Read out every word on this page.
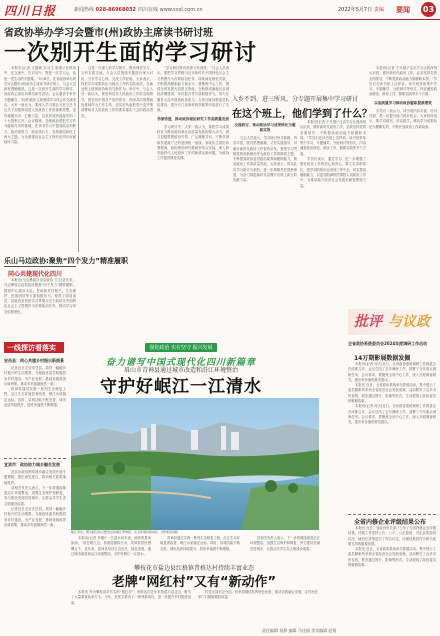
四川日报	新闻热线 028-86968032 四川在线 www.scol.com.cn	2022年5月7日 责编 要闻 03
省政协举办学习会暨市(州)政协主席读书研讨班
一次别开生面的学习研讨

本报讯(记者 文露敏 实习生 陈燕)“在朗读中、在交流中、在对话中，既是一次学习会，也是一堂生动的专题课。”5月6日，在省政协举办的学习会暨市(州)政协主席读书研讨班上，与会人员深有感触地说。这是一次别开生面的学习研讨。省政协主席田向利出席并讲话。会议邀请专家作专题辅导，市(州)政协主席围绕学习体会作交流发言。大家一致认为，要深入学习领会习近平总书记关于加强和改进人民政协工作的重要思想，更好凝聚共识、汇聚力量，以优异成绩迎接党的二十大胜利召开。会议强调，各级政协要把学习作为履职尽责的基础，在读书学习中提高政治判断力、政治领悟力、政治执行力，坚持团结和民主两大主题，为全面建设社会主义现代化四川贡献政协力量。

这是一次深入的学习研讨，既有理论学习，又有实践交流。与会人员围绕专题进行深入讨论，分享学习心得，交流工作经验。大家表示，将把学习成果转化为推动工作的实际成效，在新征程上展现政协新担当新作为。研讨中，与会人员一致认为，要坚持党对人民政协工作的全面领导，把坚持中国共产党的领导、巩固共同思想政治基础作为工作主线，切实担负起把党中央决策部署和对人民政协工作的要求落实下去的政治责任。

“学习研讨既有高度又有深度。”与会人员表示，要把学习贯彻习近平新时代中国特色社会主义思想作为首要政治任务，持续深化理论武装，不断提高履职能力和水平。要聚焦中心工作，围绕全省发展大局建言资政，在助推成渝地区双城经济圈建设、乡村振兴等方面积极作为，努力在服务大局中展现政协担当。大家还就加强委员队伍建设、提升专门协商机构效能等内容进行了交流。

学深悟透，推动政协理论研究工作高质量发展

学习研讨中，大家一致认为，要把学习成果转化为推动政协事业高质量发展的强大动力，着力加强思想政治引领，广泛凝聚共识，不断巩固和发展最广泛的爱国统一战线。省政协主席田向利强调，政协理论研究要紧密结合实际，深入研究新时代人民政协工作的新情况新问题，为政协工作提供理论支撑。

交流研讨，推动政协学习成果转化为履职实效

与会人员表示，学习研讨形式新颖、内容丰富，既有思想碰撞，又有实践指导，对做好新时代政协工作很有启发。要把学习贯彻党的创新理论作为政协工作的鲜明主题，不断提高政协委员政治素养和履职能力，推动政协工作高质量发展。大家表示，将以此次学习研讨为契机，进一步增强责任感使命感，为奋力推进新时代治蜀兴川再上新台阶贡献力量。

入乡不到、进三所风，分专题开展集中学习研讨
在这个班上，他们学到了什么？

本报讯(记者 王代强)“这次学习让我深刻认识到，做好新时代政协工作，必须坚持党的全面领导，不断提高政治能力和履职本领。”学员们在读书班上这样说。读书班采取集中学习、专题辅导、分组研讨等形式，内容涵盖政治理论、政协工作、履职实践等多个方面。

学员们表示，通过学习，进一步增强了做好政协工作的信心和决心。要立足本职岗位，把学到的知识运用到工作中去，切实提高履职能力，以更加饱满的热情投入到政协工作中，为推动地方经济社会发展贡献智慧和力量。

本报讯(记者 王代强)“这次学习让我深刻认识到，做好新时代政协工作，必须坚持党的全面领导，不断提高政治能力和履职本领。”学员们在读书班上这样说。读书班采取集中学习、专题辅导、分组研讨等形式，内容涵盖政治理论、政协工作、履职实践等多个方面。

以高质量学习推动政协履职提质增效

学员们一致认为，读书班内容丰富、针对性强，是一次提升能力的好机会。大家纷纷表示，要学以致用、用以促学，推动学习成果转化为履职实效，不断开创政协工作新局面。

乐山马边政协:聚焦“四个发力”精准履职
同心共建现代化四川

本报讯(马边彝族自治县政协 王宇)近年来，马边彝族自治县政协聚焦“四个发力”精准履职，围绕中心服务大局，在助推乡村振兴、生态保护、民族团结等方面积极作为，取得了明显成效。县政协坚持把学习贯彻习近平新时代中国特色社会主义思想作为首要政治任务，推动学习常态化制度化。

批评 与议政

全省政协系统委员会2024年度调研工作启动

14万期影展数据发掘

本报讯(记者 周天)近日，全省政协系统调研工作推进会在成都召开，会议总结了去年调研工作，部署了今年重点调研任务。会议要求，要聚焦全省中心工作，深入开展调查研究，提出有价值的意见建议。

本报讯 近日，全省政协系统举办影展活动，集中展示了委员履职风采和全省经济社会发展成就。活动吸引了众多市民参观，展览通过图片、影像等形式，生动展现了政协委员的履职故事。

本报讯(记者 周天)近日，全省政协系统调研工作推进会在成都召开，会议总结了去年调研工作，部署了今年重点调研任务。会议要求，要聚焦全省中心工作，深入开展调查研究，提出有价值的意见建议。

全省内修企业评级结果公布

本报讯 近日，省政协有关部门公布了全省内修企业评级结果。评级工作坚持公开、公平、公正原则，对企业的经营状况、诚信记录等进行了综合评定，评级结果将作为相关政策支持的重要依据。

本报讯 近日，全省政协系统举办影展活动，集中展示了委员履职风采和全省经济社会发展成就。活动吸引了众多市民参观，展览通过图片、影像等形式，生动展现了政协委员的履职故事。

强化政治 实在坚守 振兴发展
奋力谱写中国式现代化四川新篇章
眉山市青神县通过城市改造和沿江环境整治
守护好岷江一江清水
岷江风光。图为经过综合整治后的岷江青神段，生态环境持续向好。(青神县供图)

本报讯(记者 李刚)“一江清水向东流，两岸风景美如画。”站在岷江边，看着清澈的江水，青神县居民感慨万千。近年来，青神县坚持生态优先、绿色发展，通过城市改造和沿江环境整治，守护好岷江一江清水。

青神县通过实施一系列生态修复工程，沿江生态环境显著改善，岷江水质稳定达标。同时，县城功能不断完善，城市品质持续提升，居民幸福感不断增强。

县相关负责人表示，下一步将继续推进沿江环境整治，加强生态保护和修复，努力建设美丽宜居城市，让群众共享生态文明建设成果。

一线探访看落实
安岳县：同心共建乡村振兴新图景

记者近日走访安岳县，看到一幅幅乡村振兴的生动图景。当地政协委员积极投身乡村建设，为产业发展、基础设施改善出谋划策，推动乡村面貌焕然一新。

青神县通过实施一系列生态修复工程，沿江生态环境显著改善，岷江水质稳定达标。同时，县城功能不断完善，城市品质持续提升，居民幸福感不断增强。

宜宾市：政协助力城乡融合发展

宜宾市政协围绕城乡融合发展开展专题调研，提出意见建议，推动相关政策落地见效。

县相关负责人表示，下一步将继续推进沿江环境整治，加强生态保护和修复，努力建设美丽宜居城市，让群众共享生态文明建设成果。

记者近日走访安岳县，看到一幅幅乡村振兴的生动图景。当地政协委员积极投身乡村建设，为产业发展、基础设施改善出谋划策，推动乡村面貌焕然一新。

攀枝花市盐边县红格镇昔格达村持续丰富业态
老牌“网红村”又有“新动作”

本报讯 作为攀枝花市有名的“网红村”，昔格达村近年来持续丰富业态，吸引了大量游客前来打卡。今年，村里又推出了一系列新项目，进一步提升乡村旅游品质。

村党支部书记介绍，村里将继续发挥特色优势，推动农旅融合发展，让村民在家门口就能增收致富。

责任编辑 侯静 编辑 马佳丽 美术编辑 赵翔
